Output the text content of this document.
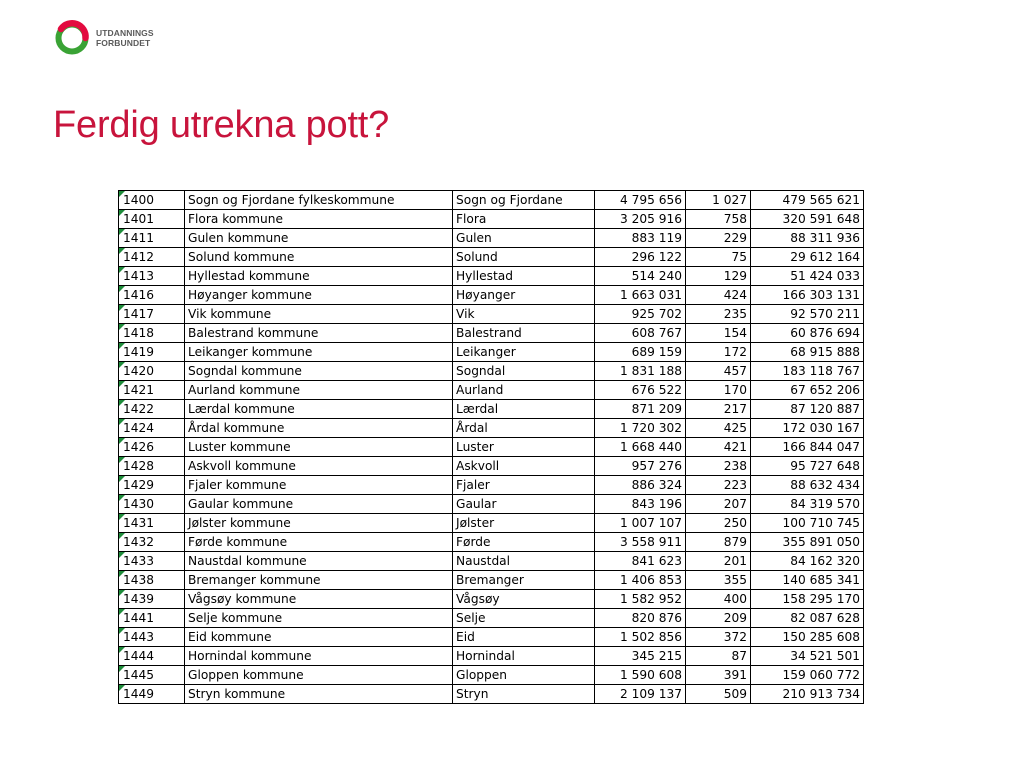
UTDANNINGS
FORBUNDET
Ferdig utrekna pott?
1400	Sogn og Fjordane fylkeskommune	Sogn og Fjordane	4 795 656	1 027	479 565 621

1401	Flora kommune	Flora	3 205 916	758	320 591 648

1411	Gulen kommune	Gulen	883 119	229	88 311 936

1412	Solund kommune	Solund	296 122	75	29 612 164

1413	Hyllestad kommune	Hyllestad	514 240	129	51 424 033

1416	Høyanger kommune	Høyanger	1 663 031	424	166 303 131

1417	Vik kommune	Vik	925 702	235	92 570 211

1418	Balestrand kommune	Balestrand	608 767	154	60 876 694

1419	Leikanger kommune	Leikanger	689 159	172	68 915 888

1420	Sogndal kommune	Sogndal	1 831 188	457	183 118 767

1421	Aurland kommune	Aurland	676 522	170	67 652 206

1422	Lærdal kommune	Lærdal	871 209	217	87 120 887

1424	Årdal kommune	Årdal	1 720 302	425	172 030 167

1426	Luster kommune	Luster	1 668 440	421	166 844 047

1428	Askvoll kommune	Askvoll	957 276	238	95 727 648

1429	Fjaler kommune	Fjaler	886 324	223	88 632 434

1430	Gaular kommune	Gaular	843 196	207	84 319 570

1431	Jølster kommune	Jølster	1 007 107	250	100 710 745

1432	Førde kommune	Førde	3 558 911	879	355 891 050

1433	Naustdal kommune	Naustdal	841 623	201	84 162 320

1438	Bremanger kommune	Bremanger	1 406 853	355	140 685 341

1439	Vågsøy kommune	Vågsøy	1 582 952	400	158 295 170

1441	Selje kommune	Selje	820 876	209	82 087 628

1443	Eid kommune	Eid	1 502 856	372	150 285 608

1444	Hornindal kommune	Hornindal	345 215	87	34 521 501

1445	Gloppen kommune	Gloppen	1 590 608	391	159 060 772

1449	Stryn kommune	Stryn	2 109 137	509	210 913 734
